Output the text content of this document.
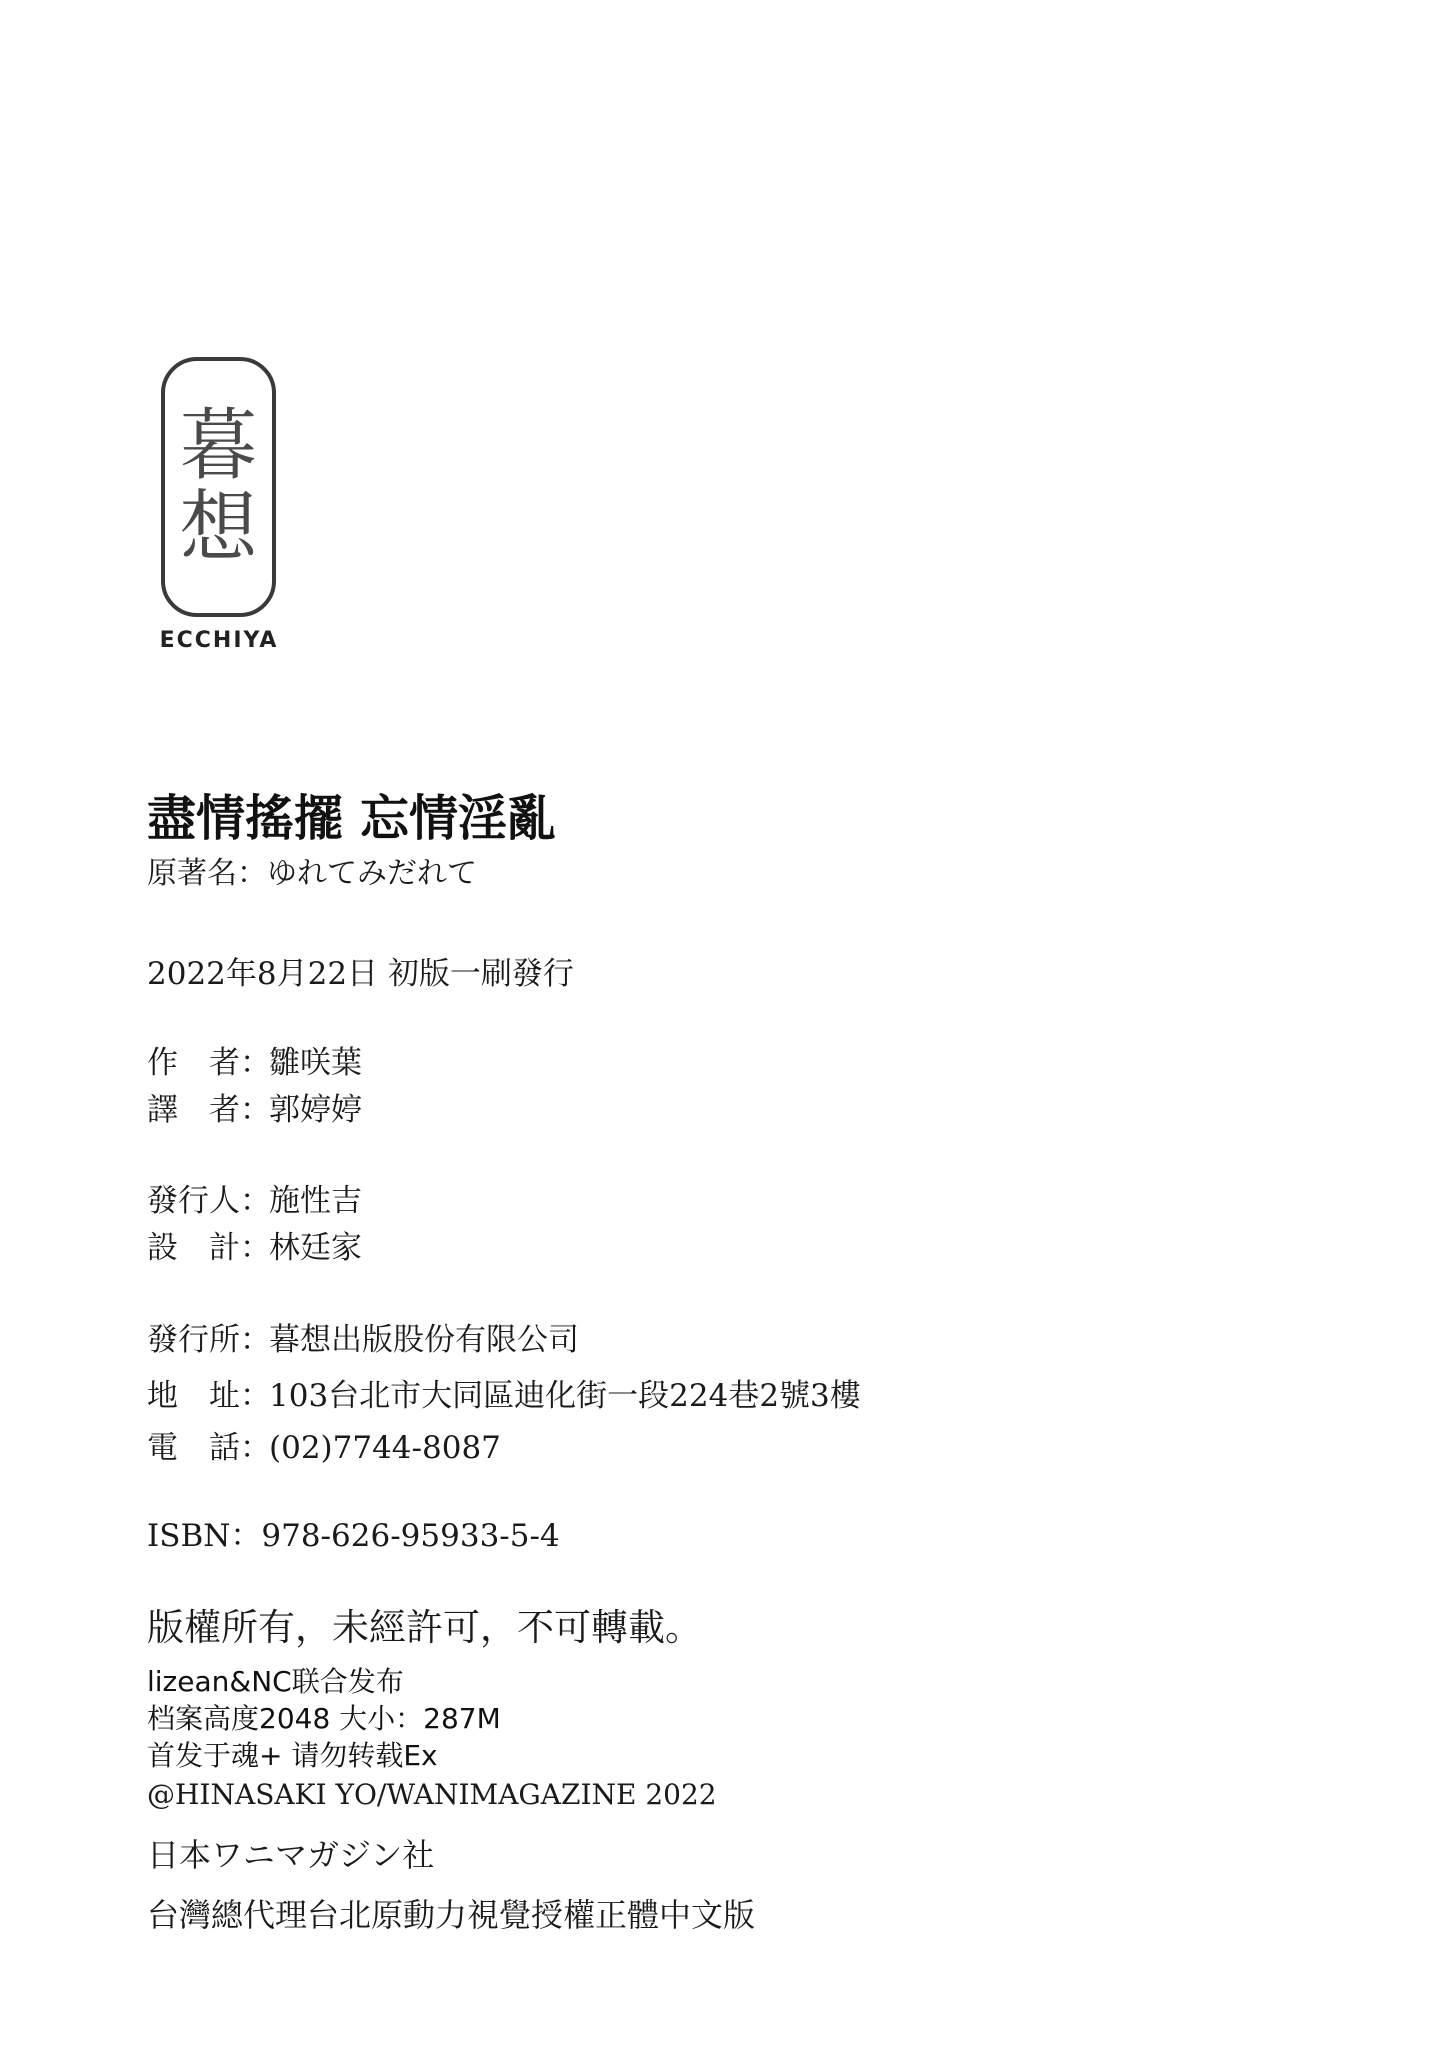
暮
想
ECCHIYA
盡情搖擺 忘情淫亂
原著名：ゆれてみだれて
2022年8月22日 初版一刷發行
作　者：雛咲葉
譯　者：郭婷婷
發行人：施性吉
設　計：林廷家
發行所：暮想出版股份有限公司
地　址：103台北市大同區迪化街一段224巷2號3樓
電　話：(02)7744-8087
ISBN：978-626-95933-5-4
版權所有，未經許可，不可轉載。
lizean&NC联合发布
档案高度2048 大小：287M
首发于魂+ 请勿转载Ex
@HINASAKI YO/WANIMAGAZINE 2022
日本ワニマガジン社
台灣總代理台北原動力視覺授權正體中文版
